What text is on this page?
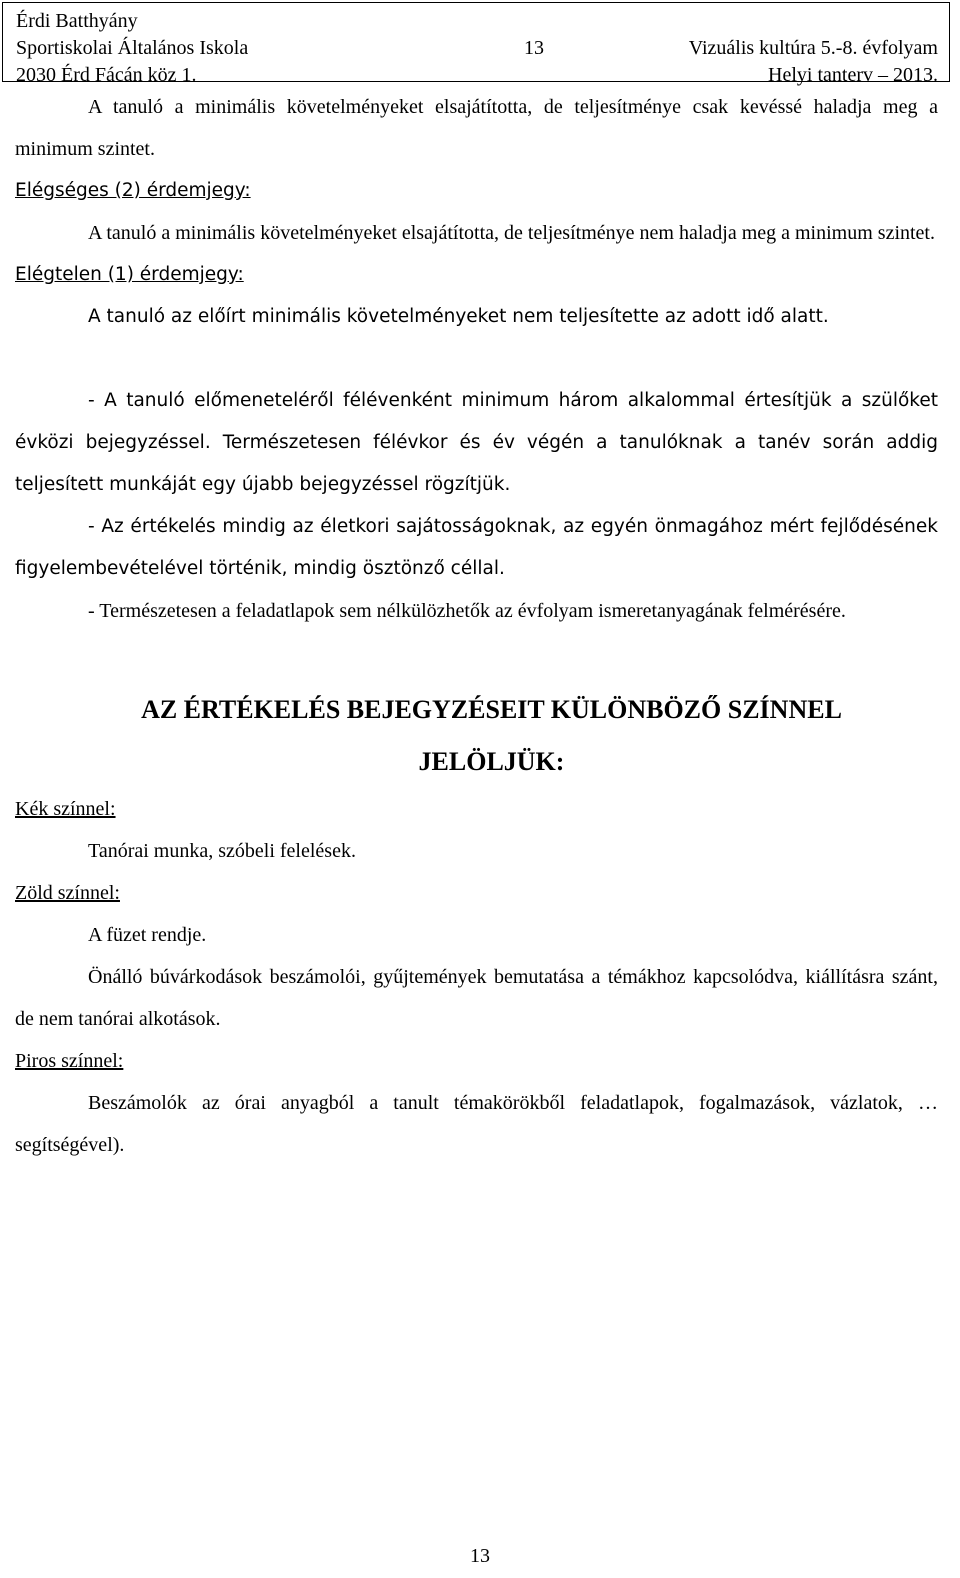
Érdi Batthyány
Sportiskolai Általános Iskola	13	Vizuális kultúra 5.-8. évfolyam
2030 Érd Fácán köz 1.	Helyi tanterv – 2013.

A tanuló a minimális követelményeket elsajátította, de teljesítménye csak kevéssé haladja meg a minimum szintet.

Elégséges (2) érdemjegy:

A tanuló a minimális követelményeket elsajátította, de teljesítménye nem haladja meg a minimum szintet.

Elégtelen (1) érdemjegy:

A tanuló az előírt minimális követelményeket nem teljesítette az adott idő alatt.

- A tanuló előmeneteléről félévenként minimum három alkalommal értesítjük a szülőket évközi bejegyzéssel. Természetesen félévkor és év végén a tanulóknak a tanév során addig teljesített munkáját egy újabb bejegyzéssel rögzítjük.

- Az értékelés mindig az életkori sajátosságoknak, az egyén önmagához mért fejlődésének figyelembevételével történik, mindig ösztönző céllal.

- Természetesen a feladatlapok sem nélkülözhetők az évfolyam ismeretanyagának felmérésére.

AZ ÉRTÉKELÉS BEJEGYZÉSEIT KÜLÖNBÖZŐ SZÍNNEL

JELÖLJÜK:

Kék színnel:

Tanórai munka, szóbeli felelések.

Zöld színnel:

A füzet rendje.

Önálló búvárkodások beszámolói, gyűjtemények bemutatása a témákhoz kapcsolódva, kiállításra szánt, de nem tanórai alkotások.

Piros színnel:

Beszámolók az órai anyagból a tanult témakörökből feladatlapok, fogalmazások, vázlatok, … segítségével).

13
